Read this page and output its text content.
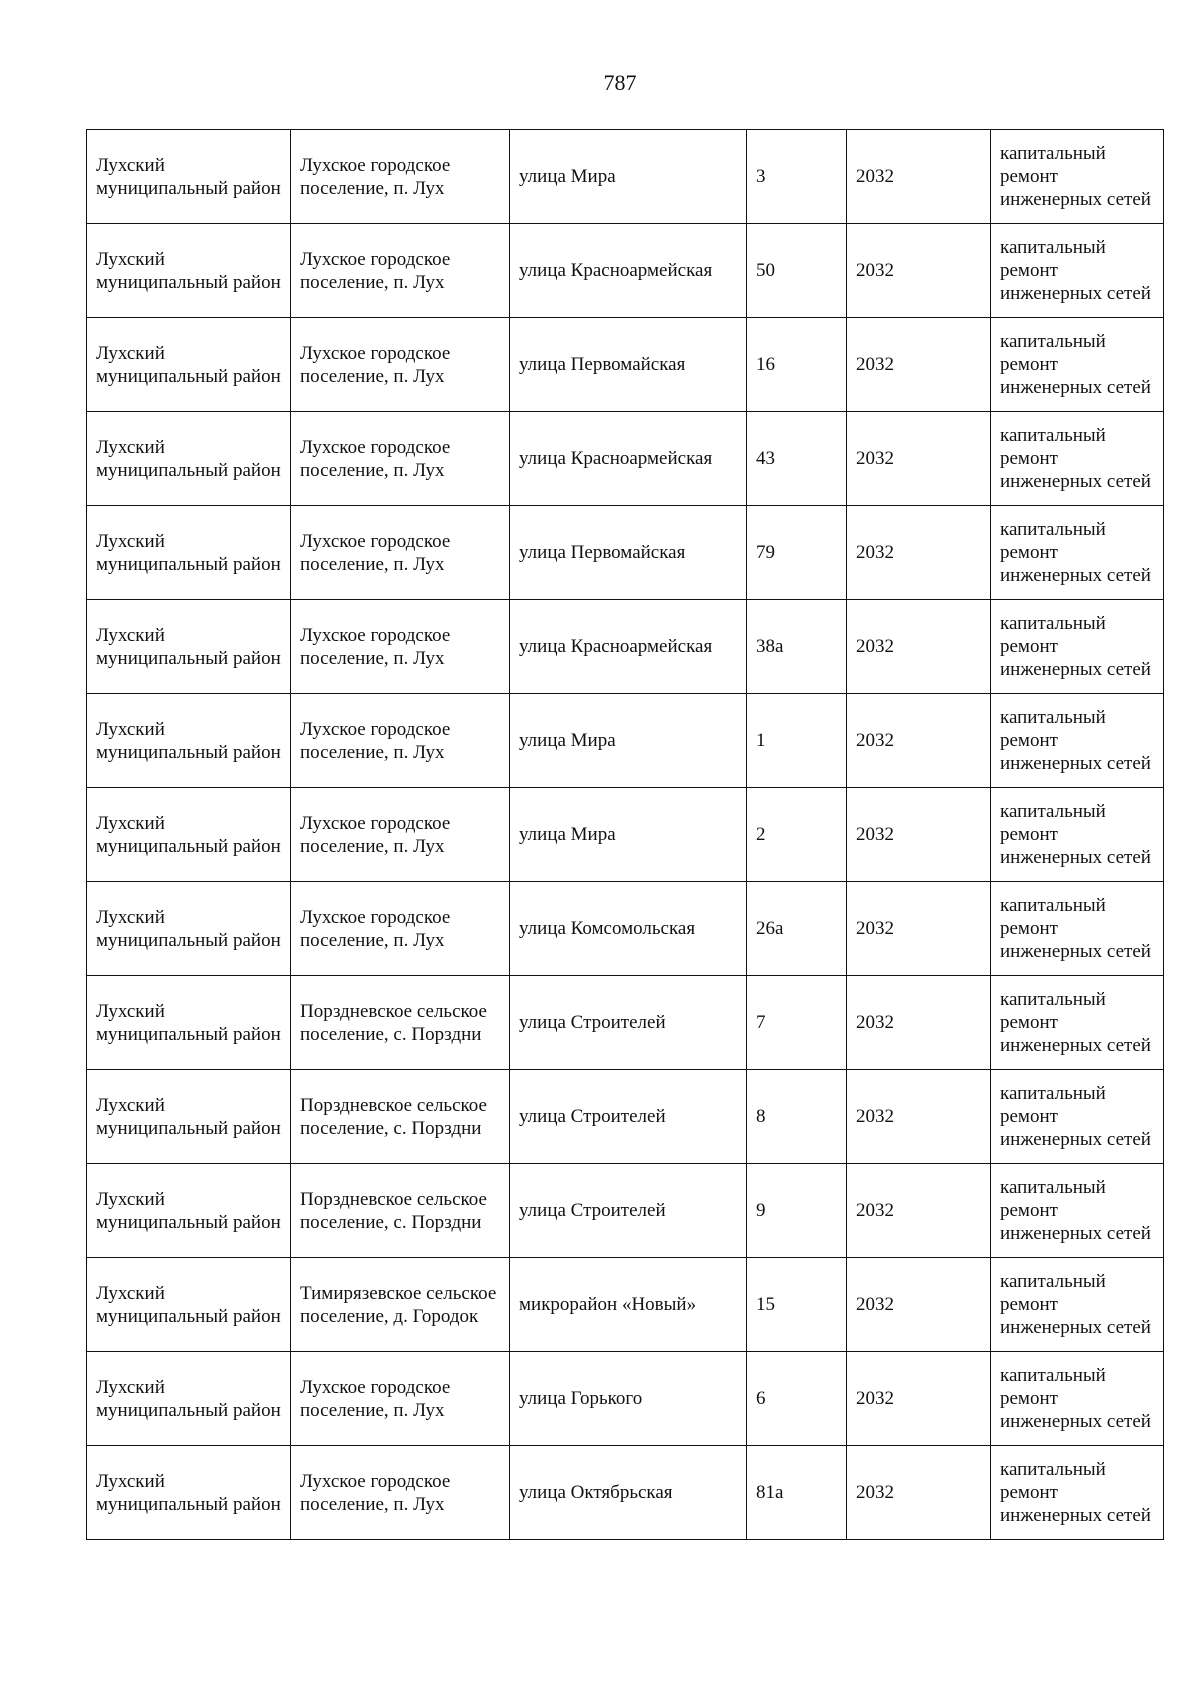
787
Лухский муниципальный район	Лухское городское поселение, п. Лух	улица Мира	3	2032	капитальный ремонт инженерных сетей
Лухский муниципальный район	Лухское городское поселение, п. Лух	улица Красноармейская	50	2032	капитальный ремонт инженерных сетей
Лухский муниципальный район	Лухское городское поселение, п. Лух	улица Первомайская	16	2032	капитальный ремонт инженерных сетей
Лухский муниципальный район	Лухское городское поселение, п. Лух	улица Красноармейская	43	2032	капитальный ремонт инженерных сетей
Лухский муниципальный район	Лухское городское поселение, п. Лух	улица Первомайская	79	2032	капитальный ремонт инженерных сетей
Лухский муниципальный район	Лухское городское поселение, п. Лух	улица Красноармейская	38а	2032	капитальный ремонт инженерных сетей
Лухский муниципальный район	Лухское городское поселение, п. Лух	улица Мира	1	2032	капитальный ремонт инженерных сетей
Лухский муниципальный район	Лухское городское поселение, п. Лух	улица Мира	2	2032	капитальный ремонт инженерных сетей
Лухский муниципальный район	Лухское городское поселение, п. Лух	улица Комсомольская	26а	2032	капитальный ремонт инженерных сетей
Лухский муниципальный район	Порздневское сельское поселение, с. Порздни	улица Строителей	7	2032	капитальный ремонт инженерных сетей
Лухский муниципальный район	Порздневское сельское поселение, с. Порздни	улица Строителей	8	2032	капитальный ремонт инженерных сетей
Лухский муниципальный район	Порздневское сельское поселение, с. Порздни	улица Строителей	9	2032	капитальный ремонт инженерных сетей
Лухский муниципальный район	Тимирязевское сельское поселение, д. Городок	микрорайон «Новый»	15	2032	капитальный ремонт инженерных сетей
Лухский муниципальный район	Лухское городское поселение, п. Лух	улица Горького	6	2032	капитальный ремонт инженерных сетей
Лухский муниципальный район	Лухское городское поселение, п. Лух	улица Октябрьская	81а	2032	капитальный ремонт инженерных сетей
